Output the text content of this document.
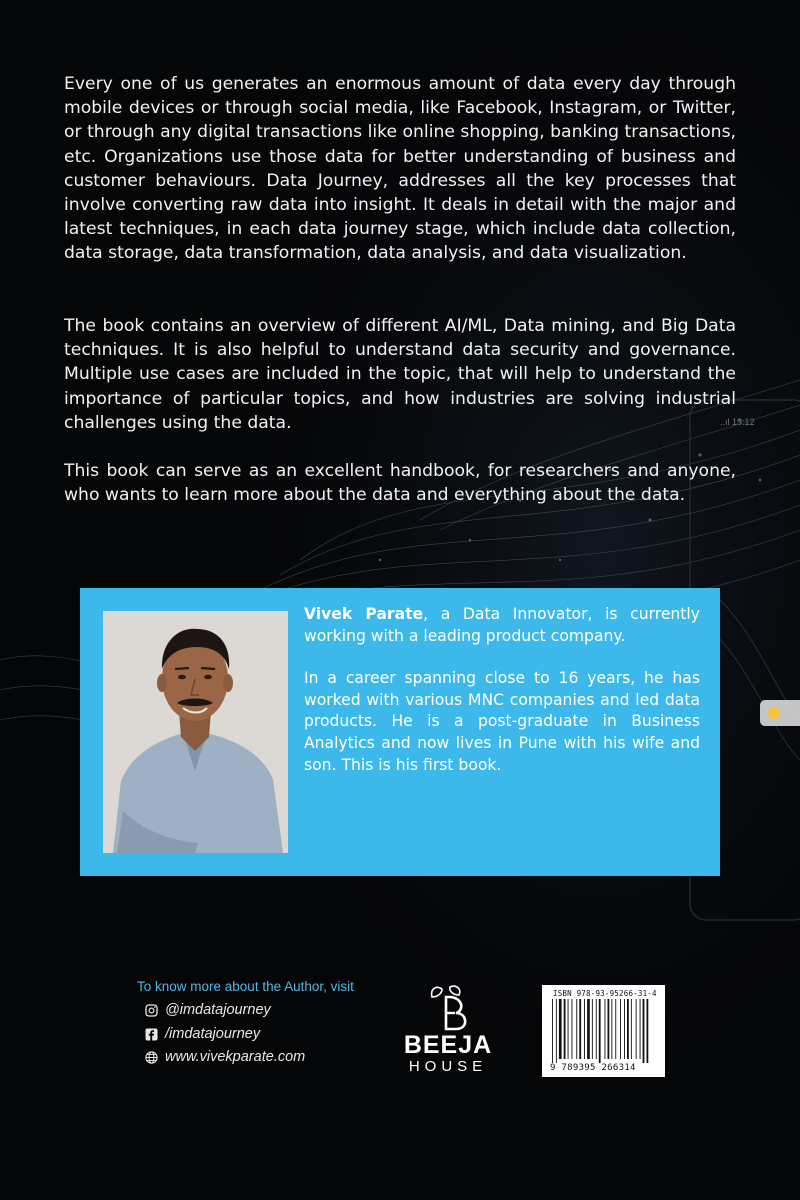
..ıl 19:12

Every one of us generates an enormous amount of data every day through mobile devices or through social media, like Facebook, Instagram, or Twitter, or through any digital transactions like online shopping, banking transactions, etc. Organizations use those data for better understanding of business and customer behaviours. Data Journey, addresses all the key processes that involve converting raw data into insight. It deals in detail with the major and latest techniques, in each data journey stage, which include data collection, data storage, data transformation, data analysis, and data visualization.

The book contains an overview of different AI/ML, Data mining, and Big Data techniques. It is also helpful to understand data security and governance. Multiple use cases are included in the topic, that will help to understand the importance of particular topics, and how industries are solving industrial challenges using the data.

This book can serve as an excellent handbook, for researchers and anyone, who wants to learn more about the data and everything about the data.

Vivek Parate, a Data Innovator, is currently working with a leading product company.

In a career spanning close to 16 years, he has worked with various MNC companies and led data products. He is a post-graduate in Business Analytics and now lives in Pune with his wife and son. This is his first book.

To know more about the Author, visit
@imdatajourney
/imdatajourney
www.vivekparate.com	BEEJA
HOUSE
ISBN 978-93-95266-31-4
9 789395 266314
